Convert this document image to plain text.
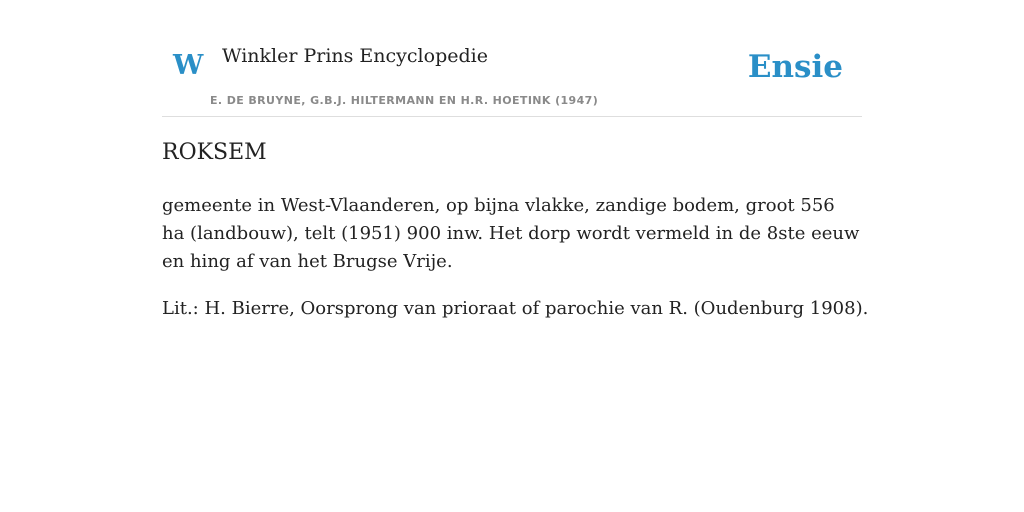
W Winkler Prins Encyclopedie
E. DE BRUYNE, G.B.J. HILTERMANN EN H.R. HOETINK (1947)
Ensie
ROKSEM

gemeente in West-Vlaanderen, op bijna vlakke, zandige bodem, groot 556 ha (landbouw), telt (1951) 900 inw. Het dorp wordt vermeld in de 8ste eeuw en hing af van het Brugse Vrije.

Lit.: H. Bierre, Oorsprong van prioraat of parochie van R. (Oudenburg 1908).
